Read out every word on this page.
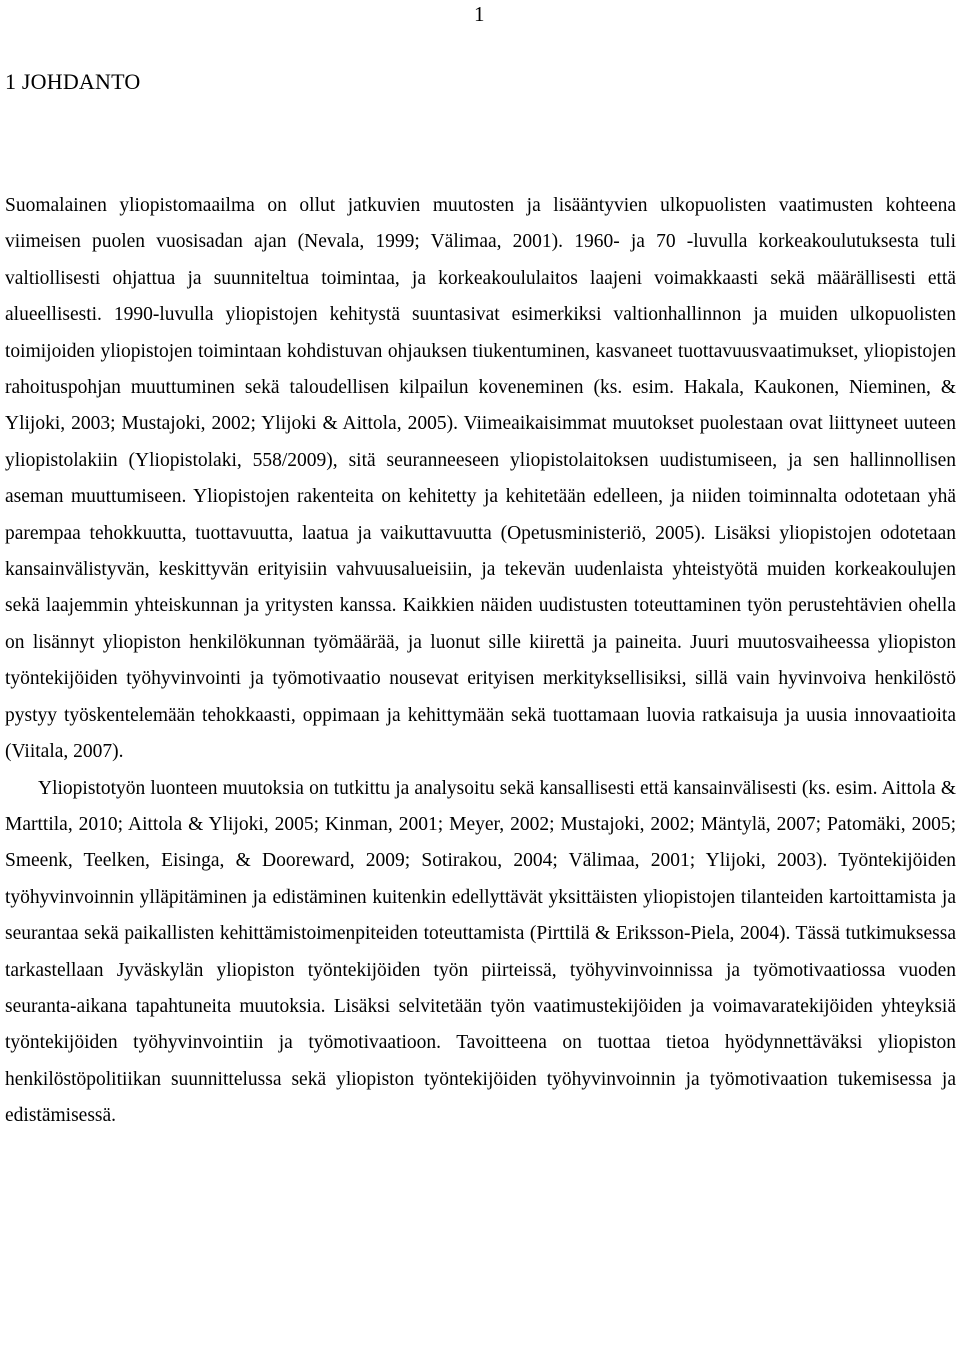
1
1 JOHDANTO

Suomalainen yliopistomaailma on ollut jatkuvien muutosten ja lisääntyvien ulkopuolisten vaatimusten kohteena viimeisen puolen vuosisadan ajan (Nevala, 1999; Välimaa, 2001). 1960- ja 70 -luvulla korkeakoulutuksesta tuli valtiollisesti ohjattua ja suunniteltua toimintaa, ja korkeakoululaitos laajeni voimakkaasti sekä määrällisesti että alueellisesti. 1990-luvulla yliopistojen kehitystä suuntasivat esimerkiksi valtionhallinnon ja muiden ulkopuolisten toimijoiden yliopistojen toimintaan kohdistuvan ohjauksen tiukentuminen, kasvaneet tuottavuusvaatimukset, yliopistojen rahoituspohjan muuttuminen sekä taloudellisen kilpailun koveneminen (ks. esim. Hakala, Kaukonen, Nieminen, & Ylijoki, 2003; Mustajoki, 2002; Ylijoki & Aittola, 2005). Viimeaikaisimmat muutokset puolestaan ovat liittyneet uuteen yliopistolakiin (Yliopistolaki, 558/2009), sitä seuranneeseen yliopistolaitoksen uudistumiseen, ja sen hallinnollisen aseman muuttumiseen. Yliopistojen rakenteita on kehitetty ja kehitetään edelleen, ja niiden toiminnalta odotetaan yhä parempaa tehokkuutta, tuottavuutta, laatua ja vaikuttavuutta (Opetusministeriö, 2005). Lisäksi yliopistojen odotetaan kansainvälistyvän, keskittyvän erityisiin vahvuusalueisiin, ja tekevän uudenlaista yhteistyötä muiden korkeakoulujen sekä laajemmin yhteiskunnan ja yritysten kanssa. Kaikkien näiden uudistusten toteuttaminen työn perustehtävien ohella on lisännyt yliopiston henkilökunnan työmäärää, ja luonut sille kiirettä ja paineita. Juuri muutosvaiheessa yliopiston työntekijöiden työhyvinvointi ja työmotivaatio nousevat erityisen merkityksellisiksi, sillä vain hyvinvoiva henkilöstö pystyy työskentelemään tehokkaasti, oppimaan ja kehittymään sekä tuottamaan luovia ratkaisuja ja uusia innovaatioita (Viitala, 2007).

Yliopistotyön luonteen muutoksia on tutkittu ja analysoitu sekä kansallisesti että kansainvälisesti (ks. esim. Aittola & Marttila, 2010; Aittola & Ylijoki, 2005; Kinman, 2001; Meyer, 2002; Mustajoki, 2002; Mäntylä, 2007; Patomäki, 2005; Smeenk, Teelken, Eisinga, & Dooreward, 2009; Sotirakou, 2004; Välimaa, 2001; Ylijoki, 2003). Työntekijöiden työhyvinvoinnin ylläpitäminen ja edistäminen kuitenkin edellyttävät yksittäisten yliopistojen tilanteiden kartoittamista ja seurantaa sekä paikallisten kehittämistoimenpiteiden toteuttamista (Pirttilä & Eriksson-Piela, 2004). Tässä tutkimuksessa tarkastellaan Jyväskylän yliopiston työntekijöiden työn piirteissä, työhyvinvoinnissa ja työmotivaatiossa vuoden seuranta-aikana tapahtuneita muutoksia. Lisäksi selvitetään työn vaatimustekijöiden ja voimavaratekijöiden yhteyksiä työntekijöiden työhyvinvointiin ja työmotivaatioon. Tavoitteena on tuottaa tietoa hyödynnettäväksi yliopiston henkilöstöpolitiikan suunnittelussa sekä yliopiston työntekijöiden työhyvinvoinnin ja työmotivaation tukemisessa ja edistämisessä.
